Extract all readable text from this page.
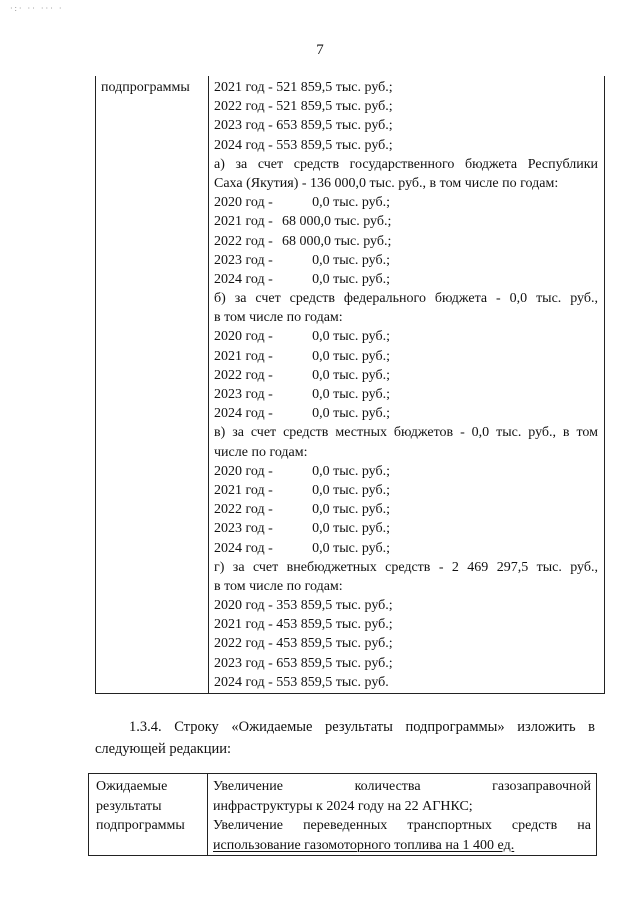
·:· ·· ··· ·
7
подпрограммы 2021 год - 521 859,5 тыс. руб.;
2022 год - 521 859,5 тыс. руб.;
2023 год - 653 859,5 тыс. руб.;
2024 год - 553 859,5 тыс. руб.;
а) за счет средств государственного бюджета Республики
Саха (Якутия) - 136 000,0 тыс. руб., в том числе по годам:
2020 год -	0,0 тыс. руб.;
2021 год - 68 000,0 тыс. руб.;
2022 год - 68 000,0 тыс. руб.;
2023 год -	0,0 тыс. руб.;
2024 год -	0,0 тыс. руб.;
б) за счет средств федерального бюджета - 0,0 тыс. руб.,
в том числе по годам:
2020 год -	0,0 тыс. руб.;
2021 год -	0,0 тыс. руб.;
2022 год -	0,0 тыс. руб.;
2023 год -	0,0 тыс. руб.;
2024 год -	0,0 тыс. руб.;
в) за счет средств местных бюджетов - 0,0 тыс. руб., в том
числе по годам:
2020 год -	0,0 тыс. руб.;
2021 год -	0,0 тыс. руб.;
2022 год -	0,0 тыс. руб.;
2023 год -	0,0 тыс. руб.;
2024 год -	0,0 тыс. руб.;
г) за счет внебюджетных средств - 2 469 297,5 тыс. руб.,
в том числе по годам:
2020 год - 353 859,5 тыс. руб.;
2021 год - 453 859,5 тыс. руб.;
2022 год - 453 859,5 тыс. руб.;
2023 год - 653 859,5 тыс. руб.;
2024 год - 553 859,5 тыс. руб.
1.3.4. Строку «Ожидаемые результаты подпрограммы» изложить в
следующей редакции:
Ожидаемые
результаты
подпрограммы
Увеличение количества газозаправочной
инфраструктуры к 2024 году на 22 АГНКС;
Увеличение переведенных транспортных средств на
использование газомоторного топлива на 1 400 ед.
